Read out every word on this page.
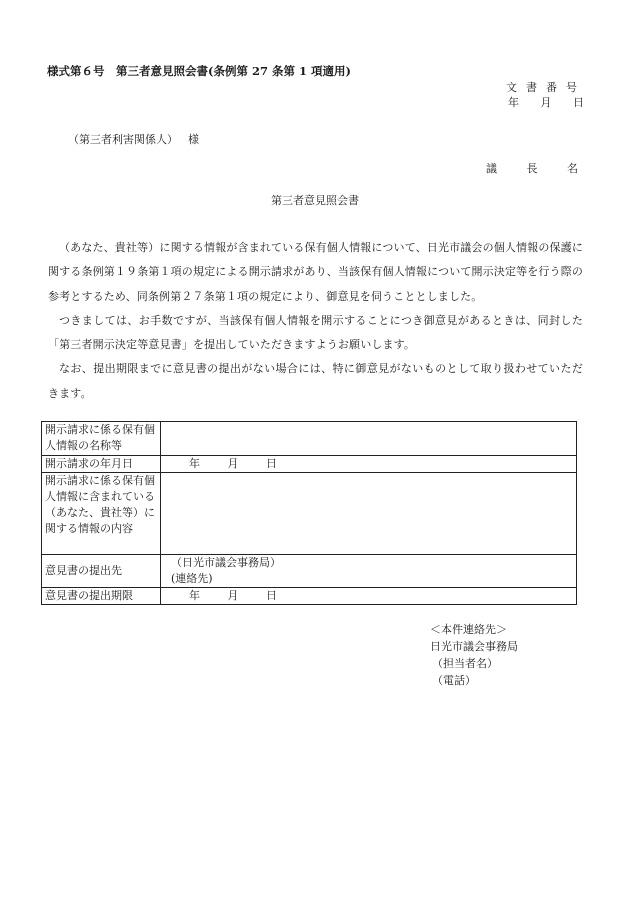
様式第６号　第三者意見照会書(条例第 27 条第 1 項適用)
文書番号
年 月 日
（第三者利害関係人） 様
議	長	名
第三者意見照会書

（あなた、貴社等）に関する情報が含まれている保有個人情報について、日光市議会の個人情報の保護に関する条例第１９条第１項の規定による開示請求があり、当該保有個人情報について開示決定等を行う際の参考とするため、同条例第２７条第１項の規定により、御意見を伺うこととしました。

つきましては、お手数ですが、当該保有個人情報を開示することにつき御意見があるときは、同封した「第三者開示決定等意見書」を提出していただきますようお願いします。

なお、提出期限までに意見書の提出がない場合には、特に御意見がないものとして取り扱わせていただきます。

開示請求に係る保有個人情報の名称等	
開示請求の年月日	年 月 日
開示請求に係る保有個人情報に含まれている（あなた、貴社等）に関する情報の内容	
意見書の提出先	（日光市議会事務局）
(連絡先)

意見書の提出期限	年 月 日
＜本件連絡先＞
日光市議会事務局
（担当者名）
（電話）
